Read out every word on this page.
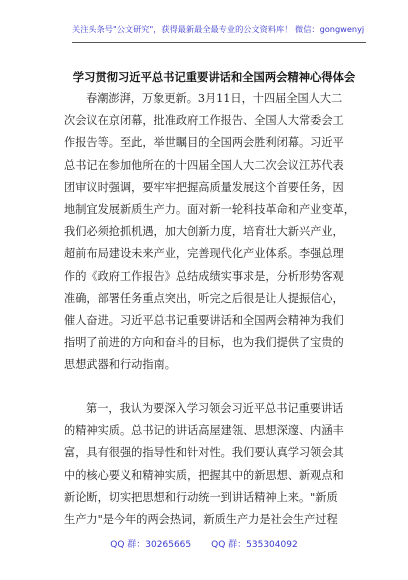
关注头条号"公文研究"，获得最新最全最专业的公文资料库！ 微信：gongwenyj
学习贯彻习近平总书记重要讲话和全国两会精神心得体会
春潮澎湃，万象更新。3月11日，十四届全国人大二
次会议在京闭幕，批准政府工作报告、全国人大常委会工
作报告等。至此，举世瞩目的全国两会胜利闭幕。习近平
总书记在参加他所在的十四届全国人大二次会议江苏代表
团审议时强调，要牢牢把握高质量发展这个首要任务，因
地制宜发展新质生产力。面对新一轮科技革命和产业变革，
我们必须抢抓机遇，加大创新力度，培育壮大新兴产业，
超前布局建设未来产业，完善现代化产业体系。李强总理
作的《政府工作报告》总结成绩实事求是，分析形势客观
准确，部署任务重点突出，听完之后很是让人提振信心，
催人奋进。习近平总书记重要讲话和全国两会精神为我们
指明了前进的方向和奋斗的目标，也为我们提供了宝贵的
思想武器和行动指南。
第一，我认为要深入学习领会习近平总书记重要讲话
的精神实质。总书记的讲话高屋建瓴、思想深邃、内涵丰
富，具有很强的指导性和针对性。我们要认真学习领会其
中的核心要义和精神实质，把握其中的新思想、新观点和
新论断，切实把思想和行动统一到讲话精神上来。"新质
生产力"是今年的两会热词，新质生产力是社会生产过程
QQ 群：30265665 QQ 群：535304092
